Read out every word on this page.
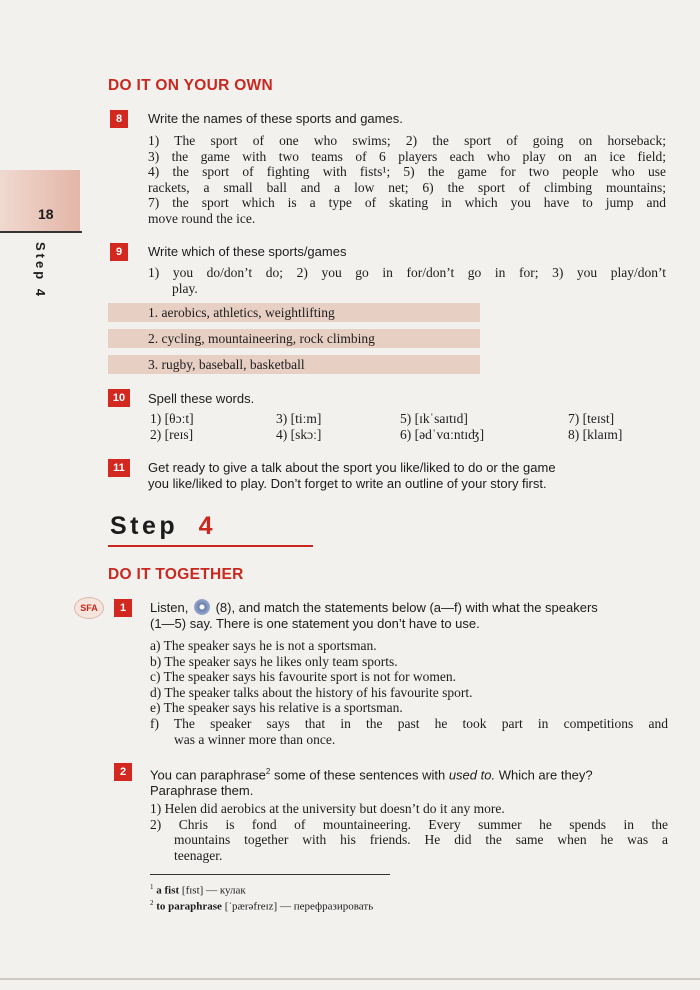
18
Step 4
DO IT ON YOUR OWN
8	Write the names of these sports and games.

1) The sport of one who swims; 2) the sport of going on horseback;

3) the game with two teams of 6 players each who play on an ice field;

4) the sport of fighting with fists¹; 5) the game for two people who use

rackets, a small ball and a low net; 6) the sport of climbing mountains;

7) the sport which is a type of skating in which you have to jump and

move round the ice.

9	Write which of these sports/games

1) you do/don’t do; 2) you go in for/don’t go in for; 3) you play/don’t

play.

1. aerobics, athletics, weightlifting
2. cycling, mountaineering, rock climbing
3. rugby, baseball, basketball
10	Spell these words.
1) [θɔːt]	3) [tiːm]	5) [ɪkˈsaɪtɪd]	7) [teɪst]
2) [reɪs]	4) [skɔː]	6) [ədˈvɑːntɪʤ]	8) [klaɪm]
11	Get ready to give a talk about the sport you like/liked to do or the game
you like/liked to play. Don’t forget to write an outline of your story first.
Step 4
DO IT TOGETHER
SFA	1	Listen, (8), and match the statements below (a—f) with what the speakers
(1—5) say. There is one statement you don’t have to use.

a) The speaker says he is not a sportsman.

b) The speaker says he likes only team sports.

c) The speaker says his favourite sport is not for women.

d) The speaker talks about the history of his favourite sport.

e) The speaker says his relative is a sportsman.

f) The speaker says that in the past he took part in competitions and

was a winner more than once.

2	You can paraphrase$^2$ some of these sentences with used to. Which are they?
Paraphrase them.

1) Helen did aerobics at the university but doesn’t do it any more.

2) Chris is fond of mountaineering. Every summer he spends in the

mountains together with his friends. He did the same when he was a

teenager.

$^1$ a fist [fɪst] — кулак
$^2$ to paraphrase [ˈpærəfreɪz] — перефразировать
